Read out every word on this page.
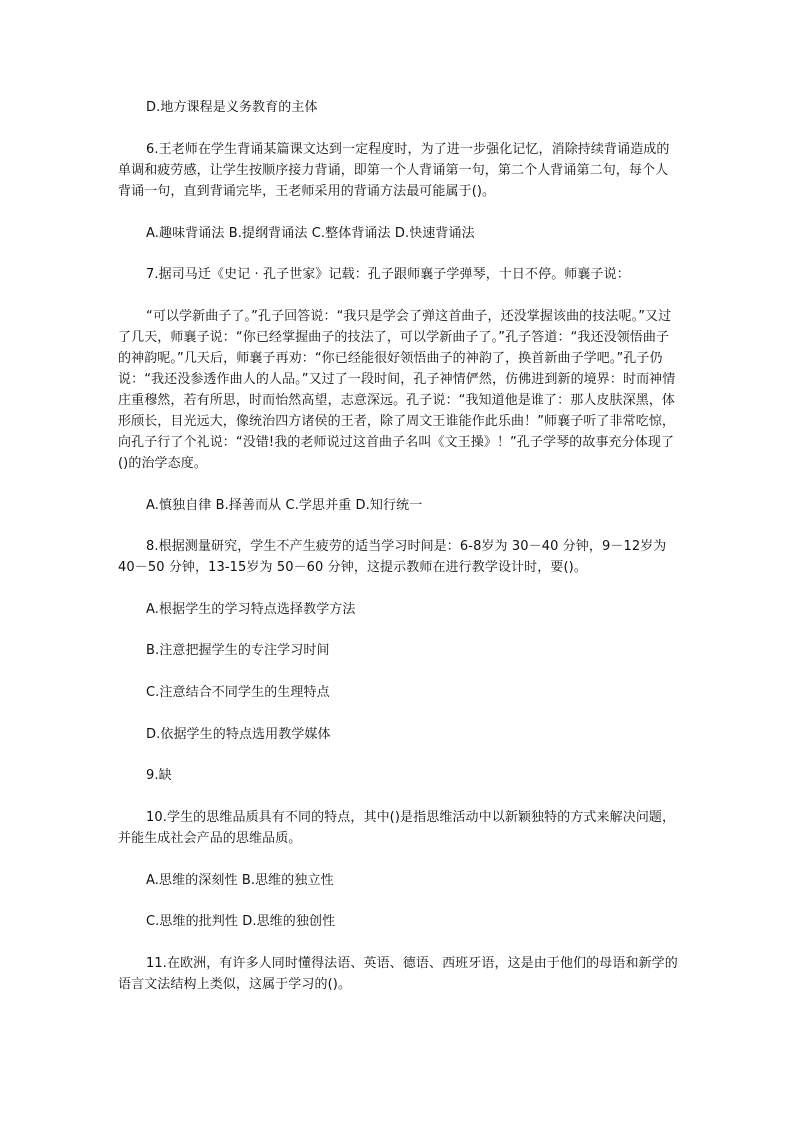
D.地方课程是义务教育的主体

6.王老师在学生背诵某篇课文达到一定程度时，为了进一步强化记忆，消除持续背诵造成的单调和疲劳感，让学生按顺序接力背诵，即第一个人背诵第一句，第二个人背诵第二句，每个人背诵一句，直到背诵完毕，王老师采用的背诵方法最可能属于()。

A.趣味背诵法 B.提纲背诵法 C.整体背诵法 D.快速背诵法

7.据司马迁《史记 · 孔子世家》记载：孔子跟师襄子学弹琴，十日不停。师襄子说：

“可以学新曲子了。”孔子回答说：“我只是学会了弹这首曲子，还没掌握该曲的技法呢。”又过了几天，师襄子说：“你已经掌握曲子的技法了，可以学新曲子了。”孔子答道：“我还没领悟曲子的神韵呢。”几天后，师襄子再劝：“你已经能很好领悟曲子的神韵了，换首新曲子学吧。”孔子仍说：“我还没参透作曲人的人品。”又过了一段时间，孔子神情俨然，仿佛进到新的境界：时而神情庄重穆然，若有所思，时而怡然高望，志意深远。孔子说：“我知道他是谁了：那人皮肤深黑，体形颀长，目光远大，像统治四方诸侯的王者，除了周文王谁能作此乐曲！”师襄子听了非常吃惊，向孔子行了个礼说：“没错!我的老师说过这首曲子名叫《文王操》！”孔子学琴的故事充分体现了()的治学态度。

A.慎独自律 B.择善而从 C.学思并重 D.知行统一

8.根据测量研究，学生不产生疲劳的适当学习时间是：6-8岁为 30－40 分钟，9－12岁为 40－50 分钟，13-15岁为 50－60 分钟，这提示教师在进行教学设计时，要()。

A.根据学生的学习特点选择教学方法

B.注意把握学生的专注学习时间

C.注意结合不同学生的生理特点

D.依据学生的特点选用教学媒体

9.缺

10.学生的思维品质具有不同的特点，其中()是指思维活动中以新颖独特的方式来解决问题，并能生成社会产品的思维品质。

A.思维的深刻性 B.思维的独立性

C.思维的批判性 D.思维的独创性

11.在欧洲，有许多人同时懂得法语、英语、德语、西班牙语，这是由于他们的母语和新学的语言文法结构上类似，这属于学习的()。
